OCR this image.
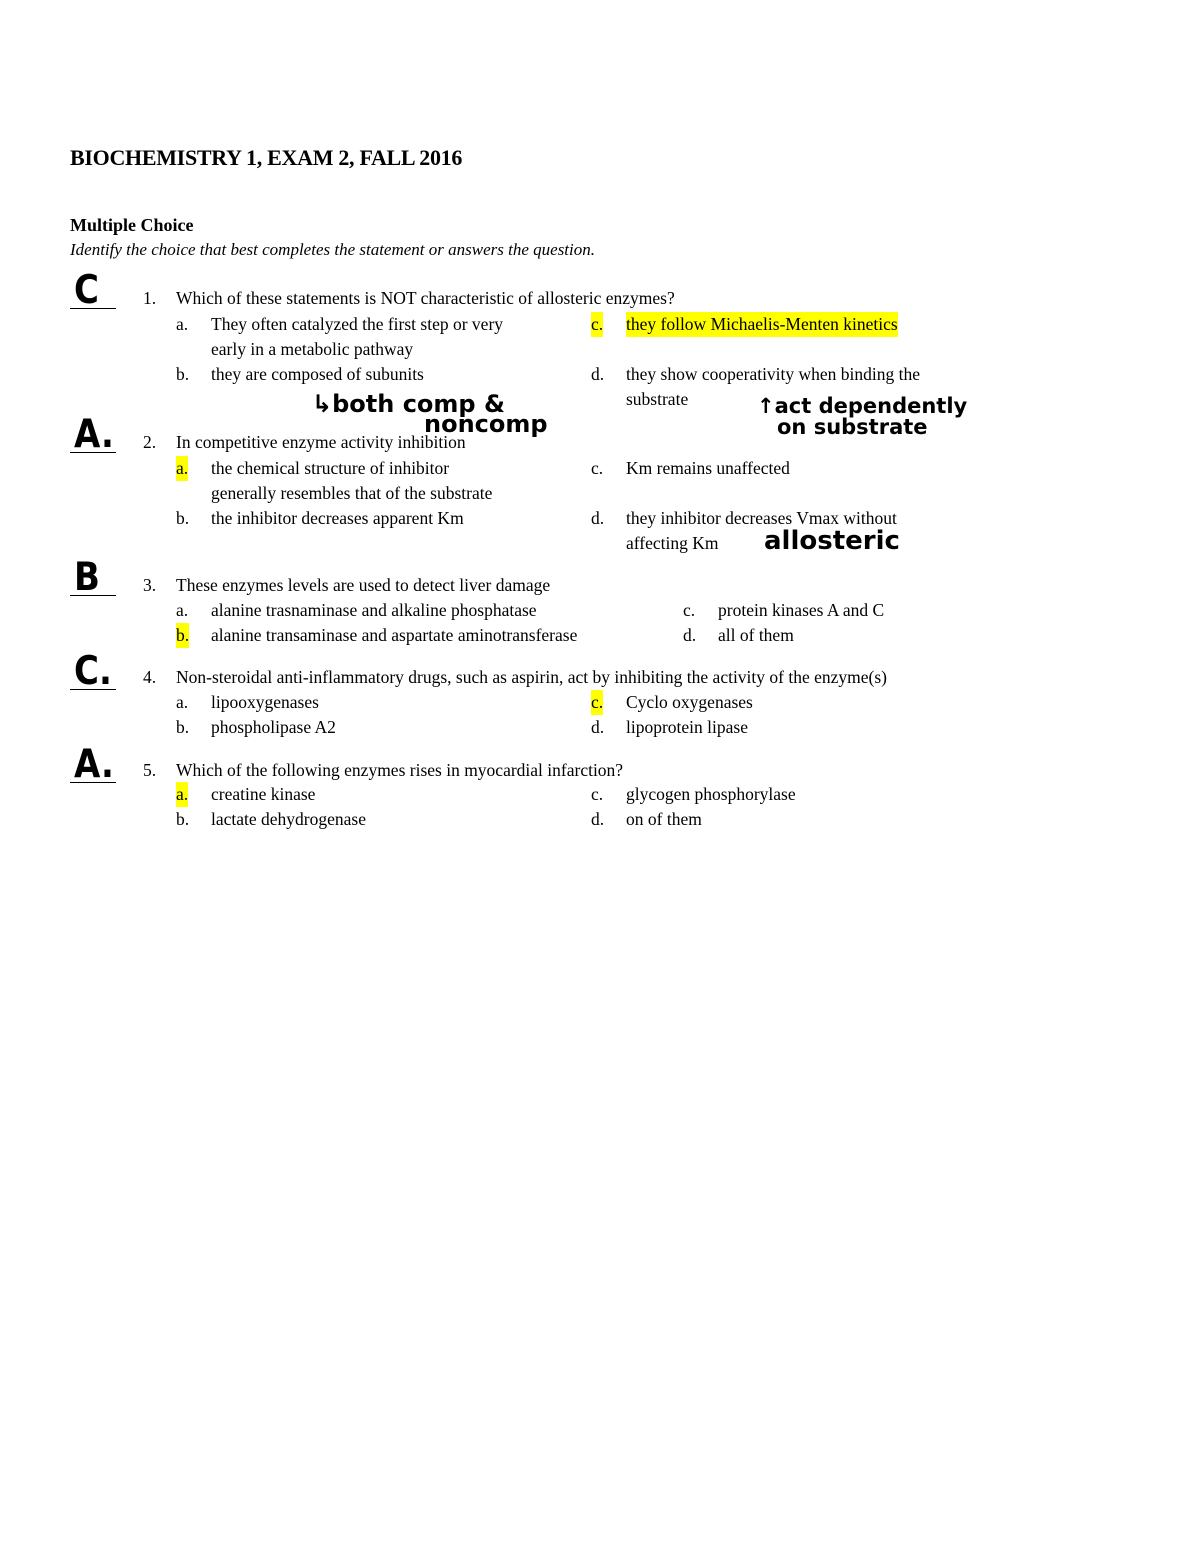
BIOCHEMISTRY 1, EXAM 2, FALL 2016
Multiple Choice
Identify the choice that best completes the statement or answers the question.
C	1. Which of these statements is NOT characteristic of allosteric enzymes?
a. They often catalyzed the first step or very
early in a metabolic pathway
b. they are composed of subunits
c. they follow Michaelis-Menten kinetics
d. they show cooperativity when binding the
substrate
↳both comp &
noncomp
↑act dependently
on substrate
A. 2. In competitive enzyme activity inhibition
a. the chemical structure of inhibitor
generally resembles that of the substrate
b. the inhibitor decreases apparent Km
c. Km remains unaffected
d. they inhibitor decreases Vmax without
affecting Km	allosteric
B 3. These enzymes levels are used to detect liver damage
a. alanine trasnaminase and alkaline phosphatase
b. alanine transaminase and aspartate aminotransferase
c. protein kinases A and C
d. all of them
C. 4. Non-steroidal anti-inflammatory drugs, such as aspirin, act by inhibiting the activity of the enzyme(s)
a. lipooxygenases
b. phospholipase A2
c. Cyclo oxygenases
d. lipoprotein lipase
A. 5. Which of the following enzymes rises in myocardial infarction?
a. creatine kinase
b. lactate dehydrogenase
c. glycogen phosphorylase
d. on of them
